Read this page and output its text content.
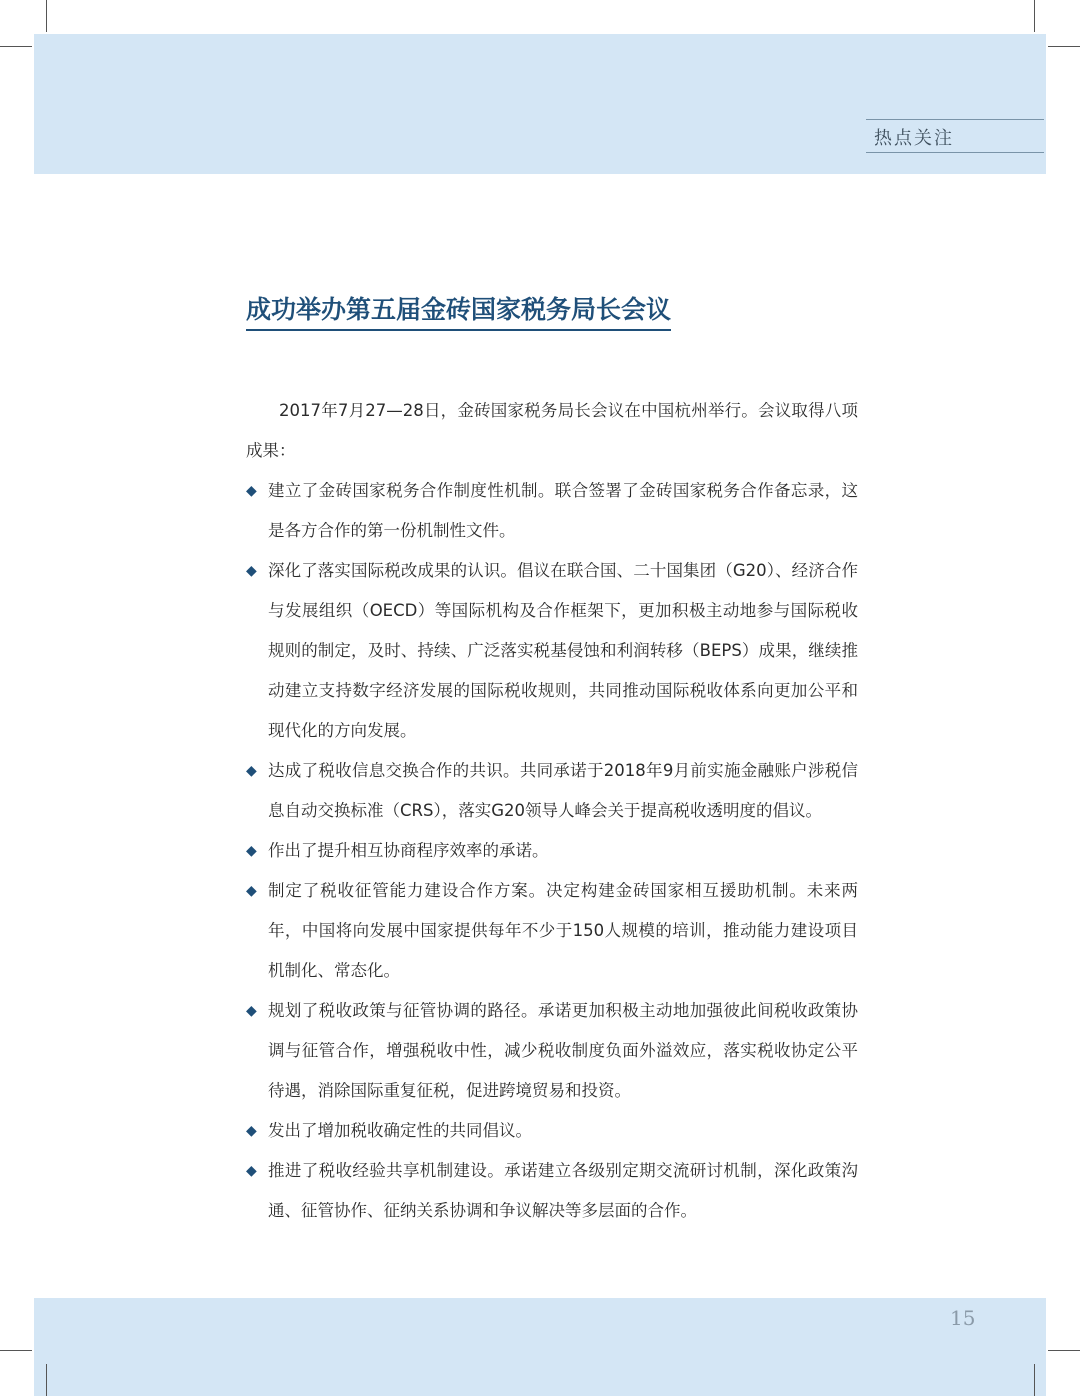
热点关注
成功举办第五届金砖国家税务局长会议

2017年7月27—28日，金砖国家税务局长会议在中国杭州举行。会议取得八项成果：

◆ 建立了金砖国家税务合作制度性机制。联合签署了金砖国家税务合作备忘录，这是各方合作的第一份机制性文件。
◆ 深化了落实国际税改成果的认识。倡议在联合国、二十国集团（G20）、经济合作与发展组织（OECD）等国际机构及合作框架下，更加积极主动地参与国际税收规则的制定，及时、持续、广泛落实税基侵蚀和利润转移（BEPS）成果，继续推动建立支持数字经济发展的国际税收规则，共同推动国际税收体系向更加公平和现代化的方向发展。
◆ 达成了税收信息交换合作的共识。共同承诺于2018年9月前实施金融账户涉税信息自动交换标准（CRS），落实G20领导人峰会关于提高税收透明度的倡议。
◆ 作出了提升相互协商程序效率的承诺。
◆ 制定了税收征管能力建设合作方案。决定构建金砖国家相互援助机制。未来两年，中国将向发展中国家提供每年不少于150人规模的培训，推动能力建设项目机制化、常态化。
◆ 规划了税收政策与征管协调的路径。承诺更加积极主动地加强彼此间税收政策协调与征管合作，增强税收中性，减少税收制度负面外溢效应，落实税收协定公平待遇，消除国际重复征税，促进跨境贸易和投资。
◆ 发出了增加税收确定性的共同倡议。
◆ 推进了税收经验共享机制建设。承诺建立各级别定期交流研讨机制，深化政策沟通、征管协作、征纳关系协调和争议解决等多层面的合作。
15
